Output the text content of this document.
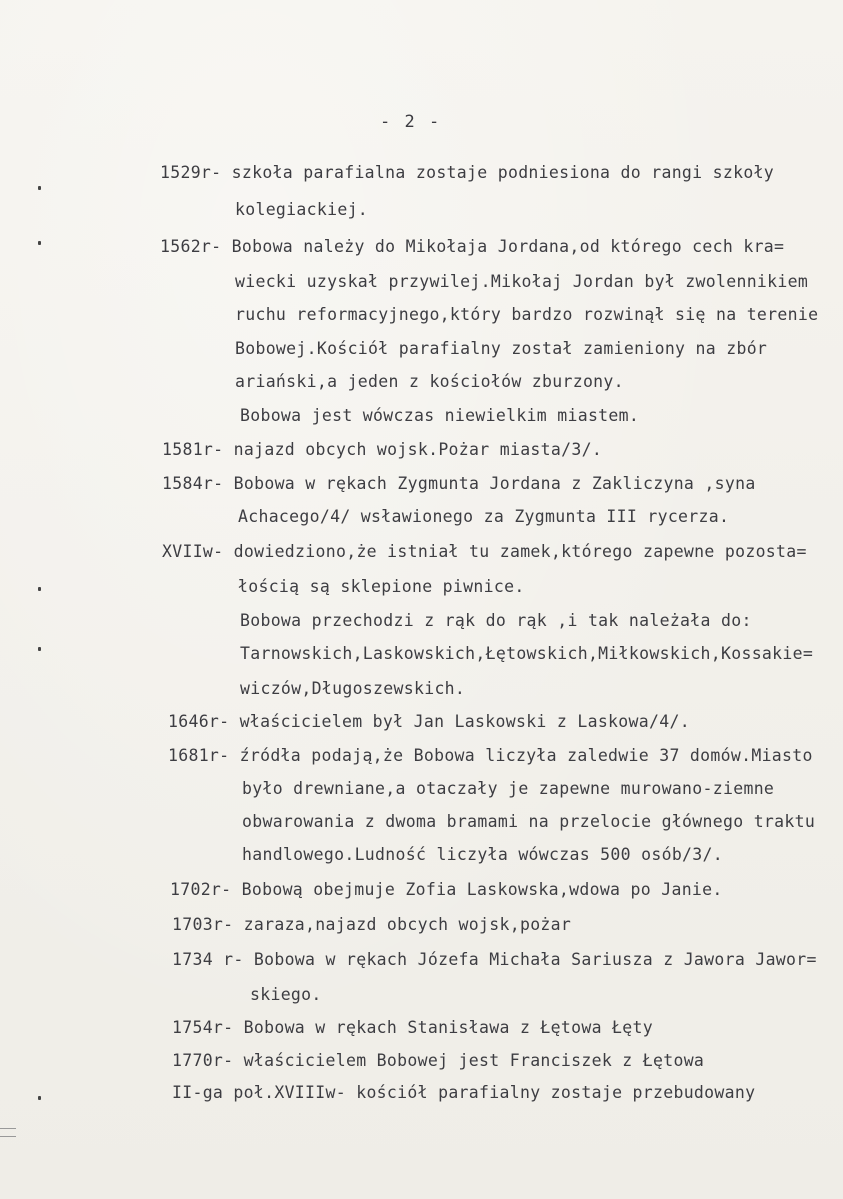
- 2 -
1529r- szkoła parafialna zostaje podniesiona do rangi szkoły
kolegiackiej.
1562r- Bobowa należy do Mikołaja Jordana,od którego cech kra=
wiecki uzyskał przywilej.Mikołaj Jordan był zwolennikiem
ruchu reformacyjnego,który bardzo rozwinął się na terenie
Bobowej.Kościół parafialny został zamieniony na zbór
ariański,a jeden z kościołów zburzony.
Bobowa jest wówczas niewielkim miastem.
1581r- najazd obcych wojsk.Pożar miasta/3/.
1584r- Bobowa w rękach Zygmunta Jordana z Zakliczyna ,syna
Achacego/4/ wsławionego za Zygmunta III rycerza.
XVIIw- dowiedziono,że istniał tu zamek,którego zapewne pozosta=
łością są sklepione piwnice.
Bobowa przechodzi z rąk do rąk ,i tak należała do:
Tarnowskich,Laskowskich,Łętowskich,Miłkowskich,Kossakie=
wiczów,Długoszewskich.
1646r- właścicielem był Jan Laskowski z Laskowa/4/.
1681r- źródła podają,że Bobowa liczyła zaledwie 37 domów.Miasto
było drewniane,a otaczały je zapewne murowano-ziemne
obwarowania z dwoma bramami na przelocie głównego traktu
handlowego.Ludność liczyła wówczas 500 osób/3/.
1702r- Bobową obejmuje Zofia Laskowska,wdowa po Janie.
1703r- zaraza,najazd obcych wojsk,pożar
1734 r- Bobowa w rękach Józefa Michała Sariusza z Jawora Jawor=
skiego.
1754r- Bobowa w rękach Stanisława z Łętowa Łęty
1770r- właścicielem Bobowej jest Franciszek z Łętowa
II-ga poł.XVIIIw- kościół parafialny zostaje przebudowany
